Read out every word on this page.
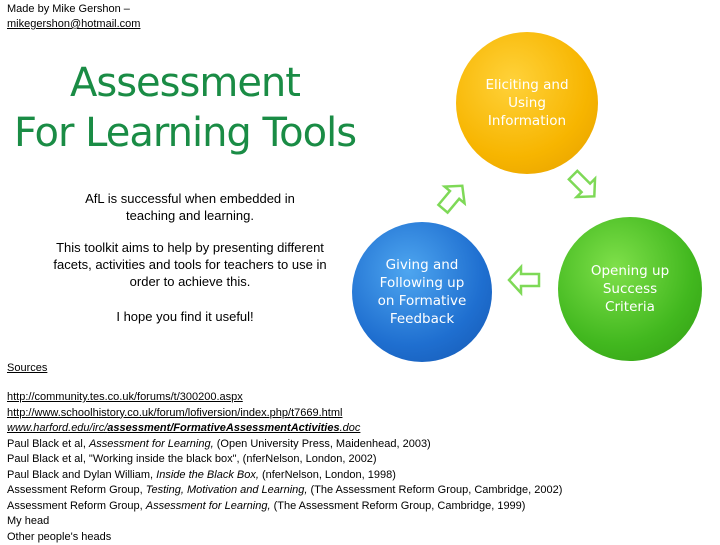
Made by Mike Gershon –
mikegershon@hotmail.com
Assessment
For Learning Tools
Eliciting and Using Information
Opening up Success Criteria
Giving and Following up on Formative Feedback
AfL is successful when embedded in teaching and learning.
This toolkit aims to help by presenting different facets, activities and tools for teachers to use in order to achieve this.
I hope you find it useful!
Sources
http://community.tes.co.uk/forums/t/300200.aspx
http://www.schoolhistory.co.uk/forum/lofiversion/index.php/t7669.html
www.harford.edu/irc/assessment/FormativeAssessmentActivities.doc
Paul Black et al, Assessment for Learning, (Open University Press, Maidenhead, 2003)
Paul Black et al, "Working inside the black box", (nferNelson, London, 2002)
Paul Black and Dylan William, Inside the Black Box, (nferNelson, London, 1998)
Assessment Reform Group, Testing, Motivation and Learning, (The Assessment Reform Group, Cambridge, 2002)
Assessment Reform Group, Assessment for Learning, (The Assessment Reform Group, Cambridge, 1999)
My head
Other people's heads
